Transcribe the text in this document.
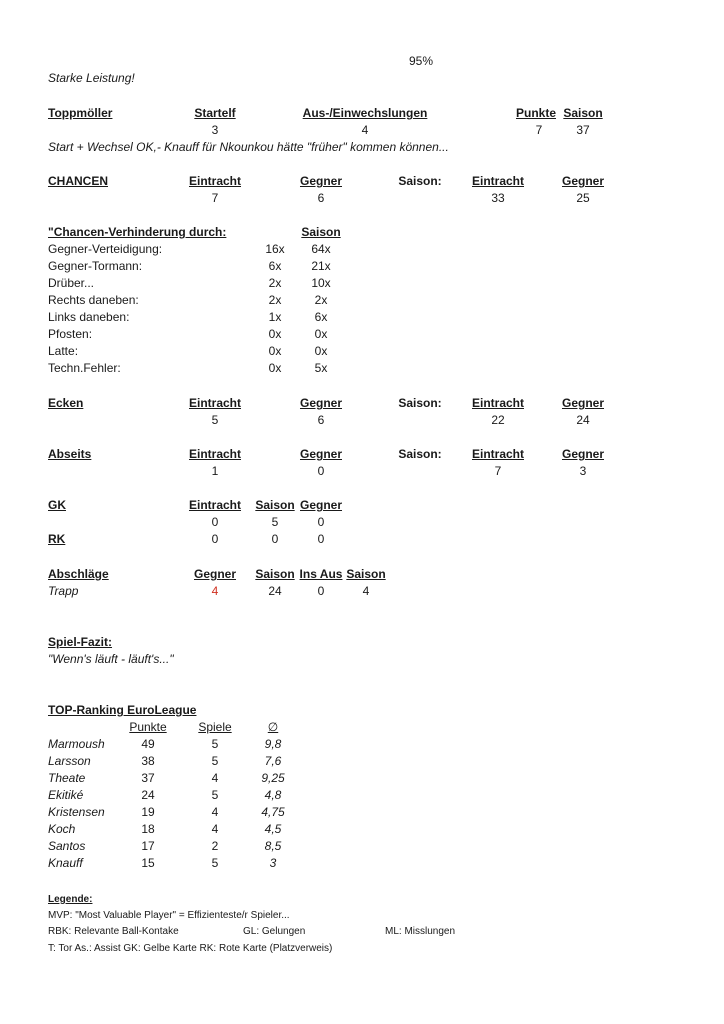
95%
Starke Leistung!
Toppmöller	Startelf	Aus-/Einwechslungen	Punkte Saison
3	4	7	37
Start + Wechsel OK,- Knauff für Nkounkou hätte "früher" kommen können...
CHANCEN	Eintracht	Gegner	Saison:	Eintracht	Gegner
7	6	33	25
"Chancen-Verhinderung durch:	Saison
Gegner-Verteidigung:	16x 64x
Gegner-Tormann:	6x 21x
Drüber...	2x 10x
Rechts daneben:	2x	2x
Links daneben:	1x	6x
Pfosten:	0x	0x
Latte:	0x	0x
Techn.Fehler:	0x	5x
Ecken	Eintracht	Gegner	Saison:	Eintracht	Gegner
5	6	22	24
Abseits	Eintracht	Gegner	Saison:	Eintracht	Gegner
1	0	7	3
GK	Eintracht Saison Gegner
0	5	0
RK	0	0	0
Abschläge	Gegner Saison Ins Aus Saison
Trapp	4	24	0	4
Spiel-Fazit:
"Wenn's läuft - läuft's..."
TOP-Ranking EuroLeague
Punkte	Spiele	∅
Marmoush	49	5	9,8
Larsson	38	5	7,6
Theate	37	4	9,25
Ekitiké	24	5	4,8
Kristensen	19	4	4,75
Koch	18	4	4,5
Santos	17	2	8,5
Knauff	15	5	3
Legende:
MVP: "Most Valuable Player" = Effizienteste/r Spieler...
RBK: Relevante Ball-Kontake	GL: Gelungen	ML: Misslungen
T: Tor As.: Assist GK: Gelbe Karte RK: Rote Karte (Platzverweis)
